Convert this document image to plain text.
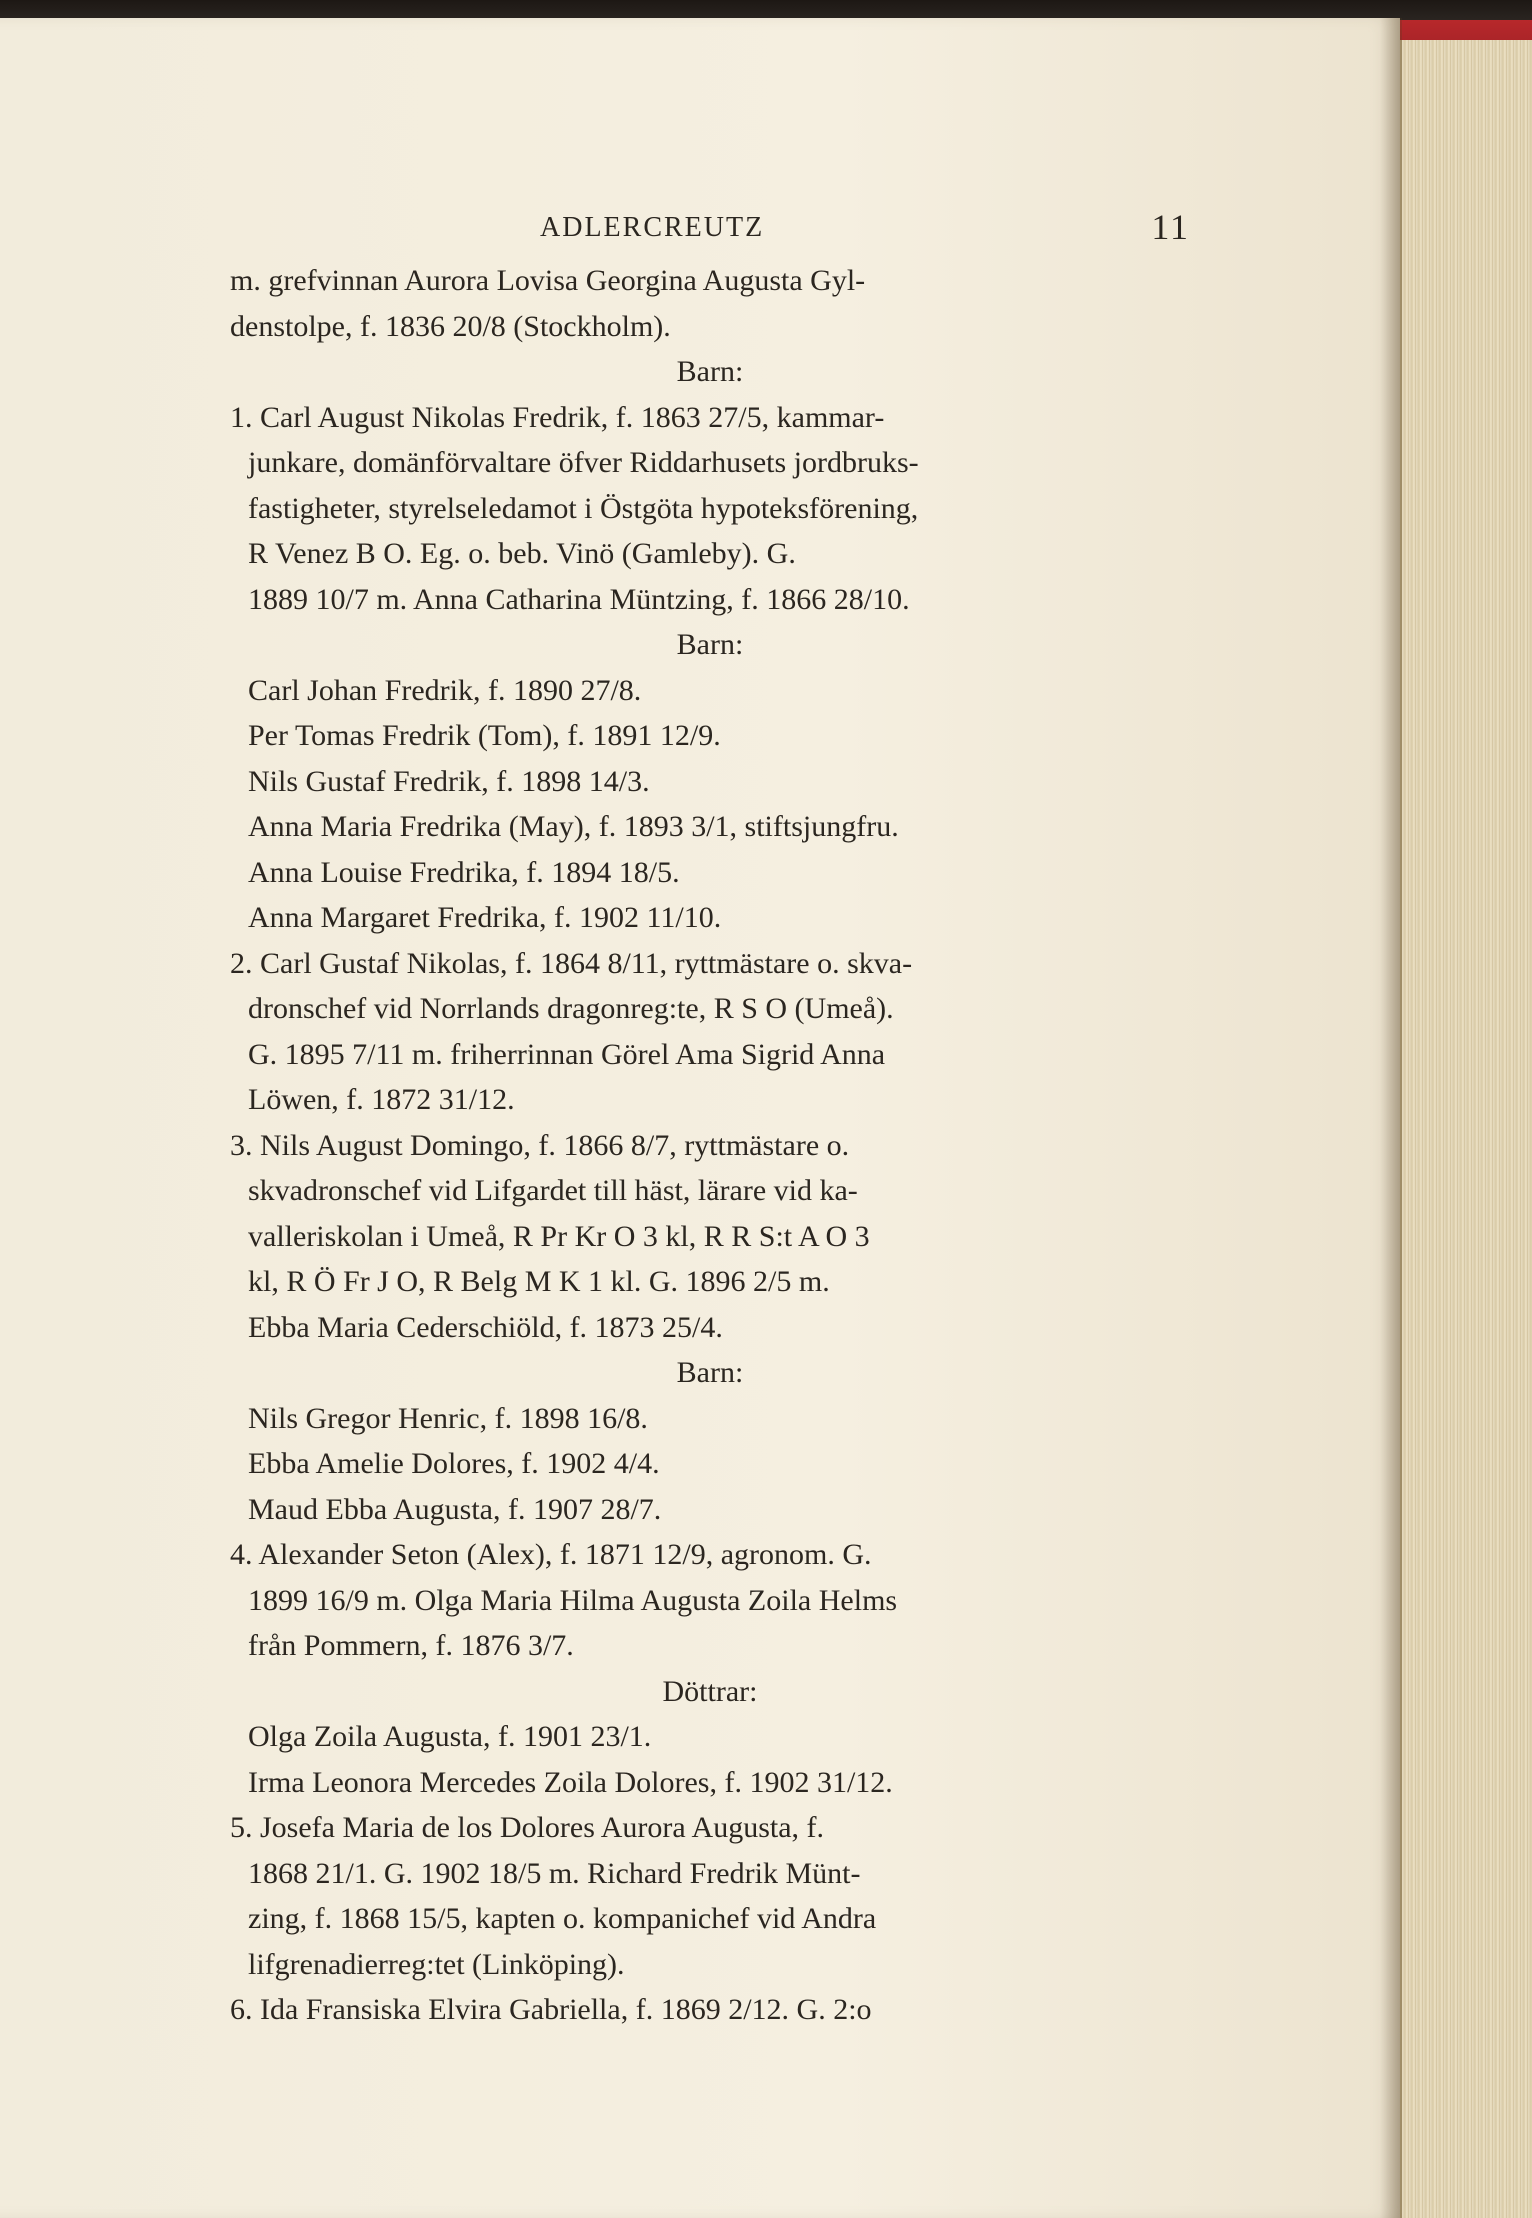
ADLERCREUTZ	11
m. grefvinnan Aurora Lovisa Georgina Augusta Gyl-
denstolpe, f. 1836 20/8 (Stockholm).
Barn:
1. Carl August Nikolas Fredrik, f. 1863 27/5, kammar-
junkare, domänförvaltare öfver Riddarhusets jordbruks-
fastigheter, styrelseledamot i Östgöta hypoteksförening,
R Venez B O. Eg. o. beb. Vinö (Gamleby). G.
1889 10/7 m. Anna Catharina Müntzing, f. 1866 28/10.
Barn:
Carl Johan Fredrik, f. 1890 27/8.
Per Tomas Fredrik (Tom), f. 1891 12/9.
Nils Gustaf Fredrik, f. 1898 14/3.
Anna Maria Fredrika (May), f. 1893 3/1, stiftsjungfru.
Anna Louise Fredrika, f. 1894 18/5.
Anna Margaret Fredrika, f. 1902 11/10.
2. Carl Gustaf Nikolas, f. 1864 8/11, ryttmästare o. skva-
dronschef vid Norrlands dragonreg:te, R S O (Umeå).
G. 1895 7/11 m. friherrinnan Görel Ama Sigrid Anna
Löwen, f. 1872 31/12.
3. Nils August Domingo, f. 1866 8/7, ryttmästare o.
skvadronschef vid Lifgardet till häst, lärare vid ka-
valleriskolan i Umeå, R Pr Kr O 3 kl, R R S:t A O 3
kl, R Ö Fr J O, R Belg M K 1 kl. G. 1896 2/5 m.
Ebba Maria Cederschiöld, f. 1873 25/4.
Barn:
Nils Gregor Henric, f. 1898 16/8.
Ebba Amelie Dolores, f. 1902 4/4.
Maud Ebba Augusta, f. 1907 28/7.
4. Alexander Seton (Alex), f. 1871 12/9, agronom. G.
1899 16/9 m. Olga Maria Hilma Augusta Zoila Helms
från Pommern, f. 1876 3/7.
Döttrar:
Olga Zoila Augusta, f. 1901 23/1.
Irma Leonora Mercedes Zoila Dolores, f. 1902 31/12.
5. Josefa Maria de los Dolores Aurora Augusta, f.
1868 21/1. G. 1902 18/5 m. Richard Fredrik Münt-
zing, f. 1868 15/5, kapten o. kompanichef vid Andra
lifgrenadierreg:tet (Linköping).
6. Ida Fransiska Elvira Gabriella, f. 1869 2/12. G. 2:o
